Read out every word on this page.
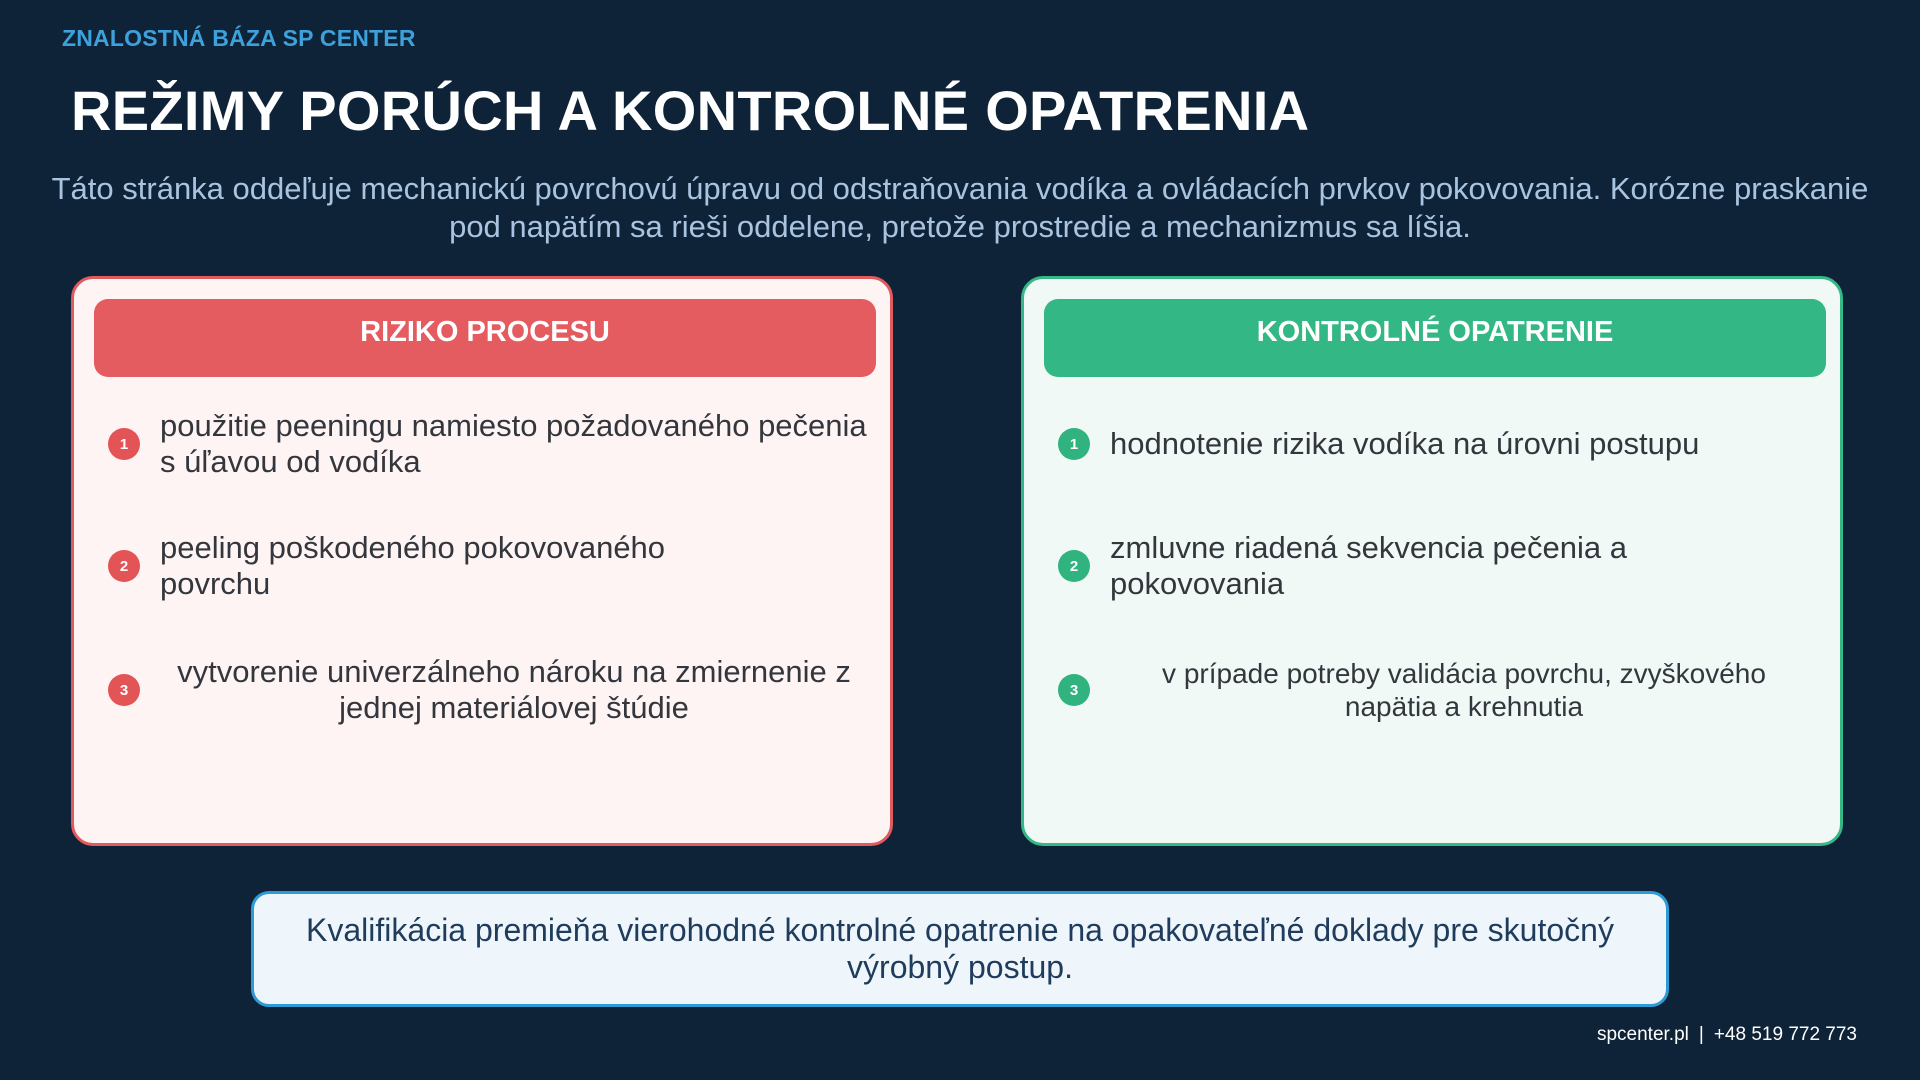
ZNALOSTNÁ BÁZA SP CENTER
REŽIMY PORÚCH A KONTROLNÉ OPATRENIA
Táto stránka oddeľuje mechanickú povrchovú úpravu od odstraňovania vodíka a ovládacích prvkov pokovovania. Korózne praskanie pod napätím sa rieši oddelene, pretože prostredie a mechanizmus sa líšia.
RIZIKO PROCESU
1
použitie peeningu namiesto požadovaného pečenia s úľavou od vodíka
2
peeling poškodeného pokovovaného povrchu
3
vytvorenie univerzálneho nároku na zmiernenie z jednej materiálovej štúdie
KONTROLNÉ OPATRENIE
1	hodnotenie rizika vodíka na úrovni postupu
2
zmluvne riadená sekvencia pečenia a pokovovania
3
v prípade potreby validácia povrchu, zvyškového napätia a krehnutia
Kvalifikácia premieňa vierohodné kontrolné opatrenie na opakovateľné doklady pre skutočný výrobný postup.
spcenter.pl | +48 519 772 773
